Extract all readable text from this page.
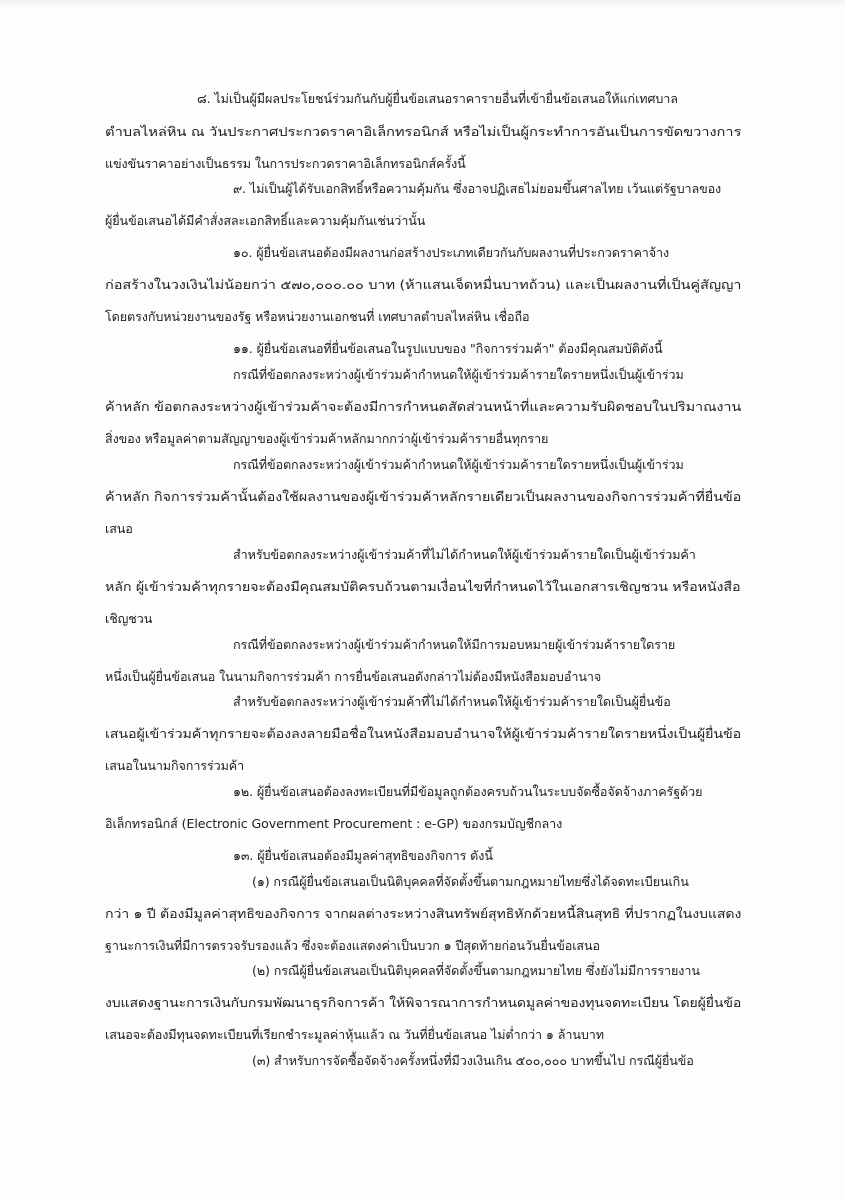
๘. ไม่เป็นผู้มีผลประโยชน์ร่วมกันกับผู้ยื่นข้อเสนอราคารายอื่นที่เข้ายื่นข้อเสนอให้แก่เทศบาล
ตำบลไหล่หิน ณ วันประกาศประกวดราคาอิเล็กทรอนิกส์ หรือไม่เป็นผู้กระทำการอันเป็นการขัดขวางการ
แข่งขันราคาอย่างเป็นธรรม ในการประกวดราคาอิเล็กทรอนิกส์ครั้งนี้
๙. ไม่เป็นผู้ได้รับเอกสิทธิ์หรือความคุ้มกัน ซึ่งอาจปฏิเสธไม่ยอมขึ้นศาลไทย เว้นแต่รัฐบาลของ
ผู้ยื่นข้อเสนอได้มีคำสั่งสละเอกสิทธิ์และความคุ้มกันเช่นว่านั้น
๑๐. ผู้ยื่นข้อเสนอต้องมีผลงานก่อสร้างประเภทเดียวกันกับผลงานที่ประกวดราคาจ้าง
ก่อสร้างในวงเงินไม่น้อยกว่า ๕๗๐,๐๐๐.๐๐ บาท (ห้าแสนเจ็ดหมื่นบาทถ้วน) และเป็นผลงานที่เป็นคู่สัญญา
โดยตรงกับหน่วยงานของรัฐ หรือหน่วยงานเอกชนที่ เทศบาลตำบลไหล่หิน เชื่อถือ
๑๑. ผู้ยื่นข้อเสนอที่ยื่นข้อเสนอในรูปแบบของ "กิจการร่วมค้า" ต้องมีคุณสมบัติดังนี้
กรณีที่ข้อตกลงระหว่างผู้เข้าร่วมค้ากำหนดให้ผู้เข้าร่วมค้ารายใดรายหนึ่งเป็นผู้เข้าร่วม
ค้าหลัก ข้อตกลงระหว่างผู้เข้าร่วมค้าจะต้องมีการกำหนดสัดส่วนหน้าที่และความรับผิดชอบในปริมาณงาน
สิ่งของ หรือมูลค่าตามสัญญาของผู้เข้าร่วมค้าหลักมากกว่าผู้เข้าร่วมค้ารายอื่นทุกราย
กรณีที่ข้อตกลงระหว่างผู้เข้าร่วมค้ากำหนดให้ผู้เข้าร่วมค้ารายใดรายหนึ่งเป็นผู้เข้าร่วม
ค้าหลัก กิจการร่วมค้านั้นต้องใช้ผลงานของผู้เข้าร่วมค้าหลักรายเดียวเป็นผลงานของกิจการร่วมค้าที่ยื่นข้อ
เสนอ
สำหรับข้อตกลงระหว่างผู้เข้าร่วมค้าที่ไม่ได้กำหนดให้ผู้เข้าร่วมค้ารายใดเป็นผู้เข้าร่วมค้า
หลัก ผู้เข้าร่วมค้าทุกรายจะต้องมีคุณสมบัติครบถ้วนตามเงื่อนไขที่กำหนดไว้ในเอกสารเชิญชวน หรือหนังสือ
เชิญชวน
กรณีที่ข้อตกลงระหว่างผู้เข้าร่วมค้ากำหนดให้มีการมอบหมายผู้เข้าร่วมค้ารายใดราย
หนึ่งเป็นผู้ยื่นข้อเสนอ ในนามกิจการร่วมค้า การยื่นข้อเสนอดังกล่าวไม่ต้องมีหนังสือมอบอำนาจ
สำหรับข้อตกลงระหว่างผู้เข้าร่วมค้าที่ไม่ได้กำหนดให้ผู้เข้าร่วมค้ารายใดเป็นผู้ยื่นข้อ
เสนอผู้เข้าร่วมค้าทุกรายจะต้องลงลายมือชื่อในหนังสือมอบอำนาจให้ผู้เข้าร่วมค้ารายใดรายหนึ่งเป็นผู้ยื่นข้อ
เสนอในนามกิจการร่วมค้า
๑๒. ผู้ยื่นข้อเสนอต้องลงทะเบียนที่มีข้อมูลถูกต้องครบถ้วนในระบบจัดซื้อจัดจ้างภาครัฐด้วย
อิเล็กทรอนิกส์ (Electronic Government Procurement : e-GP) ของกรมบัญชีกลาง
๑๓. ผู้ยื่นข้อเสนอต้องมีมูลค่าสุทธิของกิจการ ดังนี้
(๑) กรณีผู้ยื่นข้อเสนอเป็นนิติบุคคลที่จัดตั้งขึ้นตามกฎหมายไทยซึ่งได้จดทะเบียนเกิน
กว่า ๑ ปี ต้องมีมูลค่าสุทธิของกิจการ จากผลต่างระหว่างสินทรัพย์สุทธิหักด้วยหนี้สินสุทธิ ที่ปรากฏในงบแสดง
ฐานะการเงินที่มีการตรวจรับรองแล้ว ซึ่งจะต้องแสดงค่าเป็นบวก ๑ ปีสุดท้ายก่อนวันยื่นข้อเสนอ
(๒) กรณีผู้ยื่นข้อเสนอเป็นนิติบุคคลที่จัดตั้งขึ้นตามกฎหมายไทย ซึ่งยังไม่มีการรายงาน
งบแสดงฐานะการเงินกับกรมพัฒนาธุรกิจการค้า ให้พิจารณาการกำหนดมูลค่าของทุนจดทะเบียน โดยผู้ยื่นข้อ
เสนอจะต้องมีทุนจดทะเบียนที่เรียกชำระมูลค่าหุ้นแล้ว ณ วันที่ยื่นข้อเสนอ ไม่ต่ำกว่า ๑ ล้านบาท
(๓) สำหรับการจัดซื้อจัดจ้างครั้งหนึ่งที่มีวงเงินเกิน ๕๐๐,๐๐๐ บาทขึ้นไป กรณีผู้ยื่นข้อ
